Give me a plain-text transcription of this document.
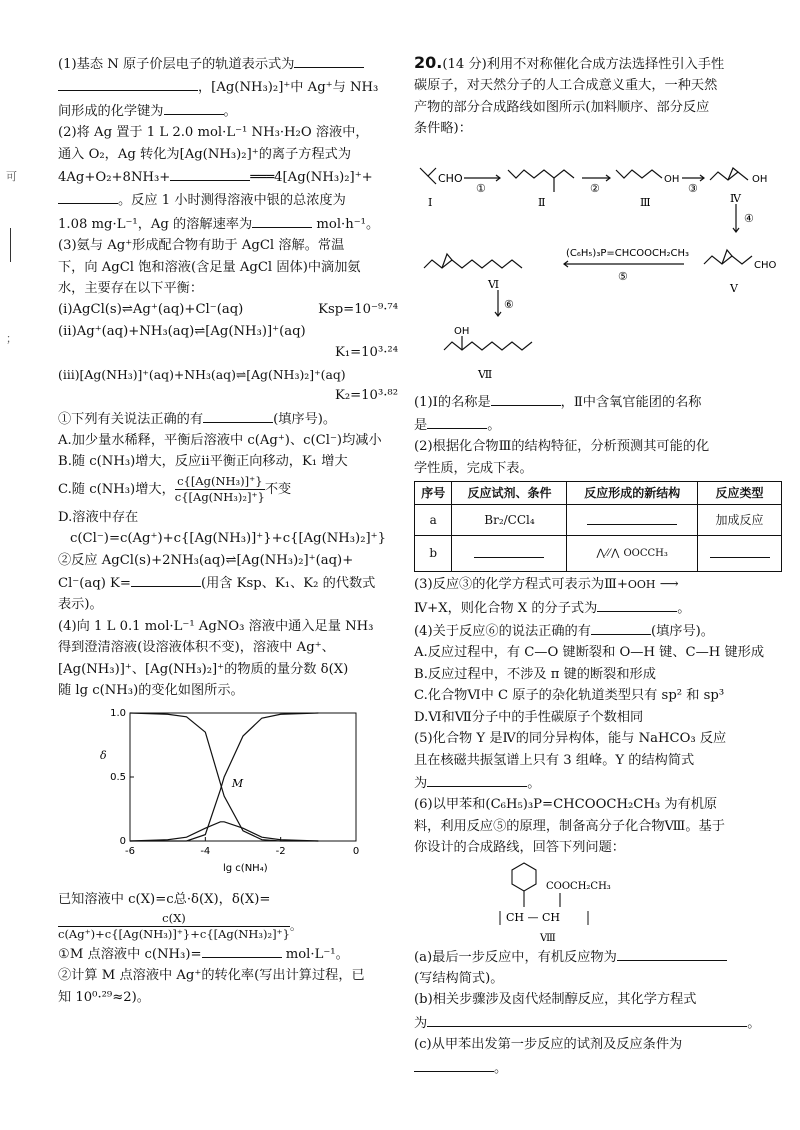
可
；

(1)基态 N 原子价层电子的轨道表示式为

，[Ag(NH₃)₂]⁺中 Ag⁺与 NH₃

间形成的化学键为	。

(2)将 Ag 置于 1 L 2.0 mol·L⁻¹ NH₃·H₂O 溶液中，

通入 O₂，Ag 转化为[Ag(NH₃)₂]⁺的离子方程式为

4Ag+O₂+8NH₃+	═══4[Ag(NH₃)₂]⁺+

。反应 1 小时测得溶液中银的总浓度为

1.08 mg·L⁻¹，Ag 的溶解速率为	mol·h⁻¹。

(3)氨与 Ag⁺形成配合物有助于 AgCl 溶解。常温

下，向 AgCl 饱和溶液(含足量 AgCl 固体)中滴加氨

水，主要存在以下平衡：

(ⅰ)AgCl(s)⇌Ag⁺(aq)+Cl⁻(aq)	Ksp=10⁻⁹·⁷⁴

(ⅱ)Ag⁺(aq)+NH₃(aq)⇌[Ag(NH₃)]⁺(aq)

K₁=10³·²⁴

(ⅲ)[Ag(NH₃)]⁺(aq)+NH₃(aq)⇌[Ag(NH₃)₂]⁺(aq)

K₂=10³·⁸²

①下列有关说法正确的有	(填序号)。

A.加少量水稀释，平衡后溶液中 c(Ag⁺)、c(Cl⁻)均减小

B.随 c(NH₃)增大，反应ⅱ平衡正向移动，K₁ 增大

C.随 c(NH₃)增大， $\frac{\text{c\{[Ag(NH₃)]⁺\}}}{\text{c\{[Ag(NH₃)₂]⁺\}}}$ 不变

D.溶液中存在 c(Cl⁻)=c(Ag⁺)+c{[Ag(NH₃)]⁺}+c{[Ag(NH₃)₂]⁺}

②反应 AgCl(s)+2NH₃(aq)⇌[Ag(NH₃)₂]⁺(aq)+

Cl⁻(aq) K=	(用含 Ksp、K₁、K₂ 的代数式

表示)。

(4)向 1 L 0.1 mol·L⁻¹ AgNO₃ 溶液中通入足量 NH₃

得到澄清溶液(设溶液体积不变)，溶液中 Ag⁺、

[Ag(NH₃)]⁺、[Ag(NH₃)₂]⁺的物质的量分数 δ(X)

随 lg c(NH₃)的变化如图所示。

-6	-4	-2	0
0
0.5
1.0
lg c(NH₄)
δ
M

已知溶液中 c(X)=c总·δ(X)，δ(X)=

$\frac{c(X)}{\text{c(Ag⁺)+c\{[Ag(NH₃)]⁺\}+c\{[Ag(NH₃)₂]⁺\}}}$ 。

①M 点溶液中 c(NH₃)=	mol·L⁻¹。

②计算 M 点溶液中 Ag⁺的转化率(写出计算过程，已

知 10⁰·²⁹≈2)。

20.(14 分)利用不对称催化合成方法选择性引入手性

碳原子，对天然分子的人工合成意义重大，一种天然

产物的部分合成路线如图所示(加料顺序、部分反应

条件略)：

CHO
①	②	③
④
⑤
⑥
Ⅰ	Ⅱ	Ⅲ	Ⅳ
Ⅴ
Ⅵ
Ⅶ
OH	OH
CHO
OH
(C₆H₅)₃P=CHCOOCH₂CH₃

(1)Ⅰ的名称是	，Ⅱ中含氧官能团的名称

是	。

(2)根据化合物Ⅲ的结构特征，分析预测其可能的化

学性质，完成下表。

序号	反应试剂、条件	反应形成的新结构	反应类型
a	Br₂/CCl₄		加成反应
b		⋀⁄⁄⋀ OOCCH₃	

(3)反应③的化学方程式可表示为Ⅲ+OOH ⟶

Ⅳ+X，则化合物 X 的分子式为	。

(4)关于反应⑥的说法正确的有	(填序号)。

A.反应过程中，有 C—O 键断裂和 O—H 键、C—H 键形成

B.反应过程中，不涉及 π 键的断裂和形成

C.化合物Ⅵ中 C 原子的杂化轨道类型只有 sp² 和 sp³

D.Ⅵ和Ⅶ分子中的手性碳原子个数相同

(5)化合物 Y 是Ⅳ的同分异构体，能与 NaHCO₃ 反应

且在核磁共振氢谱上只有 3 组峰。Y 的结构简式

为	。

(6)以甲苯和(C₆H₅)₃P=CHCOOCH₂CH₃ 为有机原

料，利用反应⑤的原理，制备高分子化合物Ⅷ。基于

你设计的合成路线，回答下列问题：

COOCH₂CH₃
CH — CH
Ⅷ

(a)最后一步反应中，有机反应物为

(写结构简式)。

(b)相关步骤涉及卤代烃制醇反应，其化学方程式

为	。

(c)从甲苯出发第一步反应的试剂及反应条件为

。
